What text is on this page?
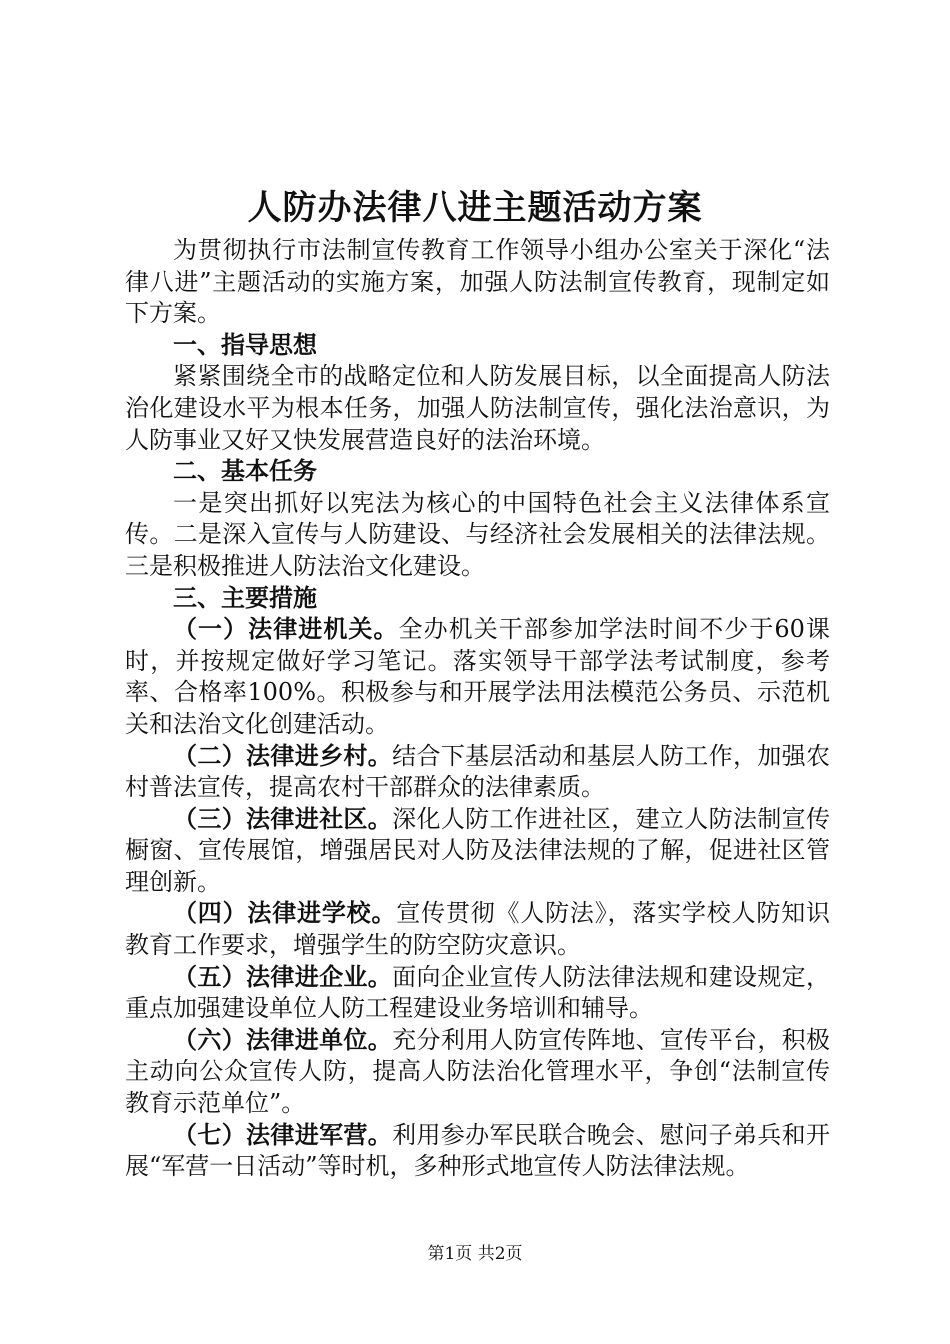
人防办法律八进主题活动方案

为贯彻执行市法制宣传教育工作领导小组办公室关于深化“法律八进”主题活动的实施方案，加强人防法制宣传教育，现制定如下方案。

一、指导思想

紧紧围绕全市的战略定位和人防发展目标，以全面提高人防法治化建设水平为根本任务，加强人防法制宣传，强化法治意识，为人防事业又好又快发展营造良好的法治环境。

二、基本任务

一是突出抓好以宪法为核心的中国特色社会主义法律体系宣传。二是深入宣传与人防建设、与经济社会发展相关的法律法规。三是积极推进人防法治文化建设。

三、主要措施

（一）法律进机关。全办机关干部参加学法时间不少于60课时，并按规定做好学习笔记。落实领导干部学法考试制度，参考率、合格率100%。积极参与和开展学法用法模范公务员、示范机关和法治文化创建活动。

（二）法律进乡村。结合下基层活动和基层人防工作，加强农村普法宣传，提高农村干部群众的法律素质。

（三）法律进社区。深化人防工作进社区，建立人防法制宣传橱窗、宣传展馆，增强居民对人防及法律法规的了解，促进社区管理创新。

（四）法律进学校。宣传贯彻《人防法》，落实学校人防知识教育工作要求，增强学生的防空防灾意识。

（五）法律进企业。面向企业宣传人防法律法规和建设规定，重点加强建设单位人防工程建设业务培训和辅导。

（六）法律进单位。充分利用人防宣传阵地、宣传平台，积极主动向公众宣传人防，提高人防法治化管理水平，争创“法制宣传教育示范单位”。

（七）法律进军营。利用参办军民联合晚会、慰问子弟兵和开展“军营一日活动”等时机，多种形式地宣传人防法律法规。

第1页 共2页
